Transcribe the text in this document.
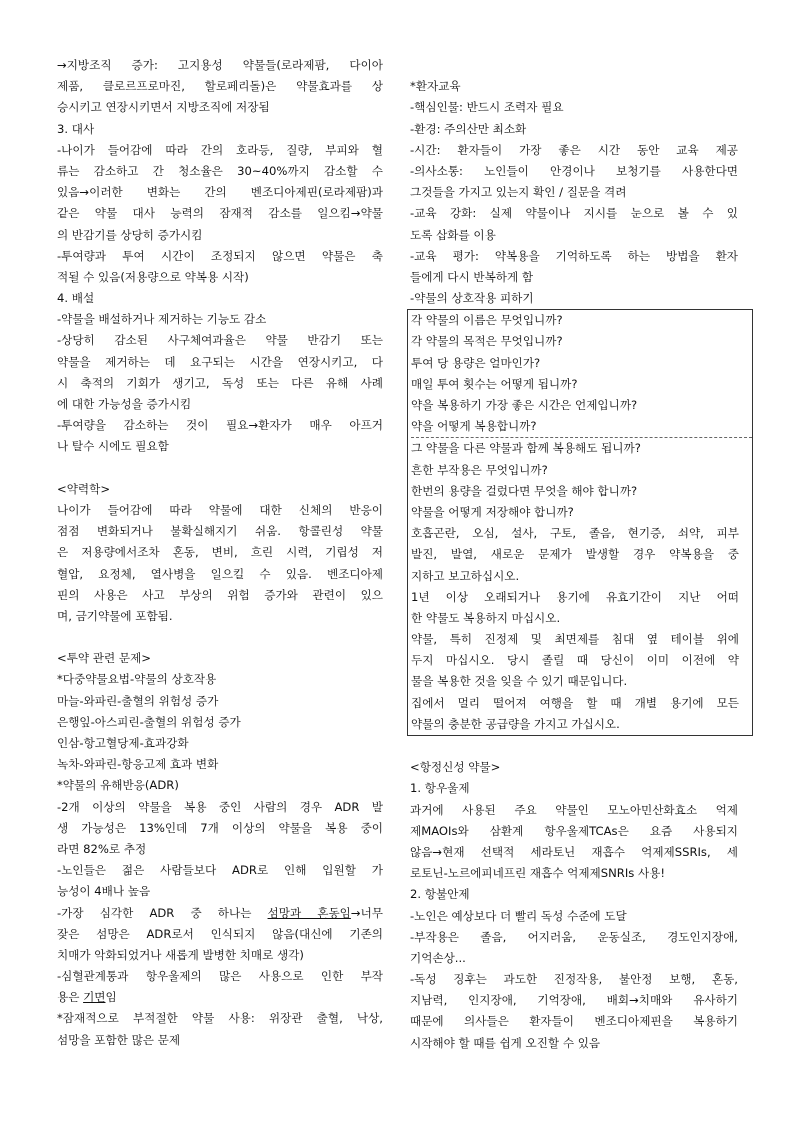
→지방조직 증가: 고지용성 약물들(로라제팜, 다이아
제품, 클로르프로마진, 할로페리돌)은 약물효과를 상
승시키고 연장시키면서 지방조직에 저장됨
3. 대사
-나이가 들어감에 따라 간의 호라등, 질량, 부피와 혈
류는 감소하고 간 청소율은 30~40%까지 감소할 수
있음→이러한 변화는 간의 벤조디아제핀(로라제팜)과
같은 약물 대사 능력의 잠재적 감소를 일으킴→약물
의 반감기를 상당히 증가시킴
-투여량과 투여 시간이 조정되지 않으면 약물은 축
적될 수 있음(저용량으로 약복용 시작)
4. 배설
-약물을 배설하거나 제거하는 기능도 감소
-상당히 감소된 사구체여과율은 약물 반감기 또는
약물을 제거하는 데 요구되는 시간을 연장시키고, 다
시 축적의 기회가 생기고, 독성 또는 다른 유해 사례
에 대한 가능성을 증가시킴
-투여량을 감소하는 것이 필요→환자가 매우 아프거
나 탈수 시에도 필요함
<약력학>
나이가 들어감에 따라 약물에 대한 신체의 반응이
점점 변화되거나 불확실해지기 쉬움. 항콜린성 약물
은 저용량에서조차 혼동, 변비, 흐린 시력, 기립성 저
혈압, 요정체, 열사병을 일으킬 수 있음. 벤조디아제
핀의 사용은 사고 부상의 위험 증가와 관련이 있으
며, 금기약물에 포함됨.
<투약 관련 문제>
*다중약물요법-약물의 상호작용
마늘-와파린-출혈의 위험성 증가
은행잎-아스피린-출혈의 위험성 증가
인삼-항고혈당제-효과강화
녹차-와파린-항응고제 효과 변화
*약물의 유해반응(ADR)
-2개 이상의 약물을 복용 중인 사람의 경우 ADR 발
생 가능성은 13%인데 7개 이상의 약물을 복용 중이
라면 82%로 추정
-노인들은 젊은 사람들보다 ADR로 인해 입원할 가
능성이 4배나 높음
-가장 심각한 ADR 중 하나는 섬망과 혼동임→너무
잦은 섬망은 ADR로서 인식되지 않음(대신에 기존의
치매가 악화되었거나 새롭게 발병한 치매로 생각)
-심혈관계통과 항우울제의 많은 사용으로 인한 부작
용은 기면임
*잠재적으로 부적절한 약물 사용: 위장관 출혈, 낙상,
섬망을 포함한 많은 문제
*환자교육
-핵심인물: 반드시 조력자 필요
-환경: 주의산만 최소화
-시간: 환자들이 가장 좋은 시간 동안 교육 제공
-의사소통: 노인들이 안경이나 보청기를 사용한다면
그것들을 가지고 있는지 확인 / 질문을 격려
-교육 강화: 실제 약물이나 지시를 눈으로 볼 수 있
도록 삽화를 이용
-교육 평가: 약복용을 기억하도록 하는 방법을 환자
들에게 다시 반복하게 함
-약물의 상호작용 피하기
각 약물의 이름은 무엇입니까?
각 약물의 목적은 무엇입니까?
투여 당 용량은 얼마인가?
매일 투여 횟수는 어떻게 됩니까?
약을 복용하기 가장 좋은 시간은 언제입니까?
약을 어떻게 복용합니까?
그 약물을 다른 약물과 함께 복용해도 됩니까?
흔한 부작용은 무엇입니까?
한번의 용량을 걸렀다면 무엇을 해야 합니까?
약물을 어떻게 저장해야 합니까?
호흡곤란, 오심, 설사, 구토, 졸음, 현기증, 쇠약, 피부
발진, 발열, 새로운 문제가 발생할 경우 약복용을 중
지하고 보고하십시오.
1년 이상 오래되거나 용기에 유효기간이 지난 어떠
한 약물도 복용하지 마십시오.
약물, 특히 진정제 및 최면제를 침대 옆 테이블 위에
두지 마십시오. 당시 졸릴 때 당신이 이미 이전에 약
물을 복용한 것을 잊을 수 있기 때문입니다.
집에서 멀리 떨어져 여행을 할 때 개별 용기에 모든
약물의 충분한 공급량을 가지고 가십시오.
<항정신성 약물>
1. 항우울제
과거에 사용된 주요 약물인 모노아민산화효소 억제
제MAOIs와 삼환계 항우울제TCAs은 요즘 사용되지
않음→현재 선택적 세라토닌 재흡수 억제제SSRIs, 세
로토닌-노르에피네프린 재흡수 억제제SNRIs 사용!
2. 항불안제
-노인은 예상보다 더 빨리 독성 수준에 도달
-부작용은 졸음, 어지러움, 운동실조, 경도인지장애,
기억손상...
-독성 징후는 과도한 진정작용, 불안정 보행, 혼동,
지남력, 인지장애, 기억장애, 배회→치매와 유사하기
때문에 의사들은 환자들이 벤조디아제핀을 복용하기
시작해야 할 때를 쉽게 오진할 수 있음
